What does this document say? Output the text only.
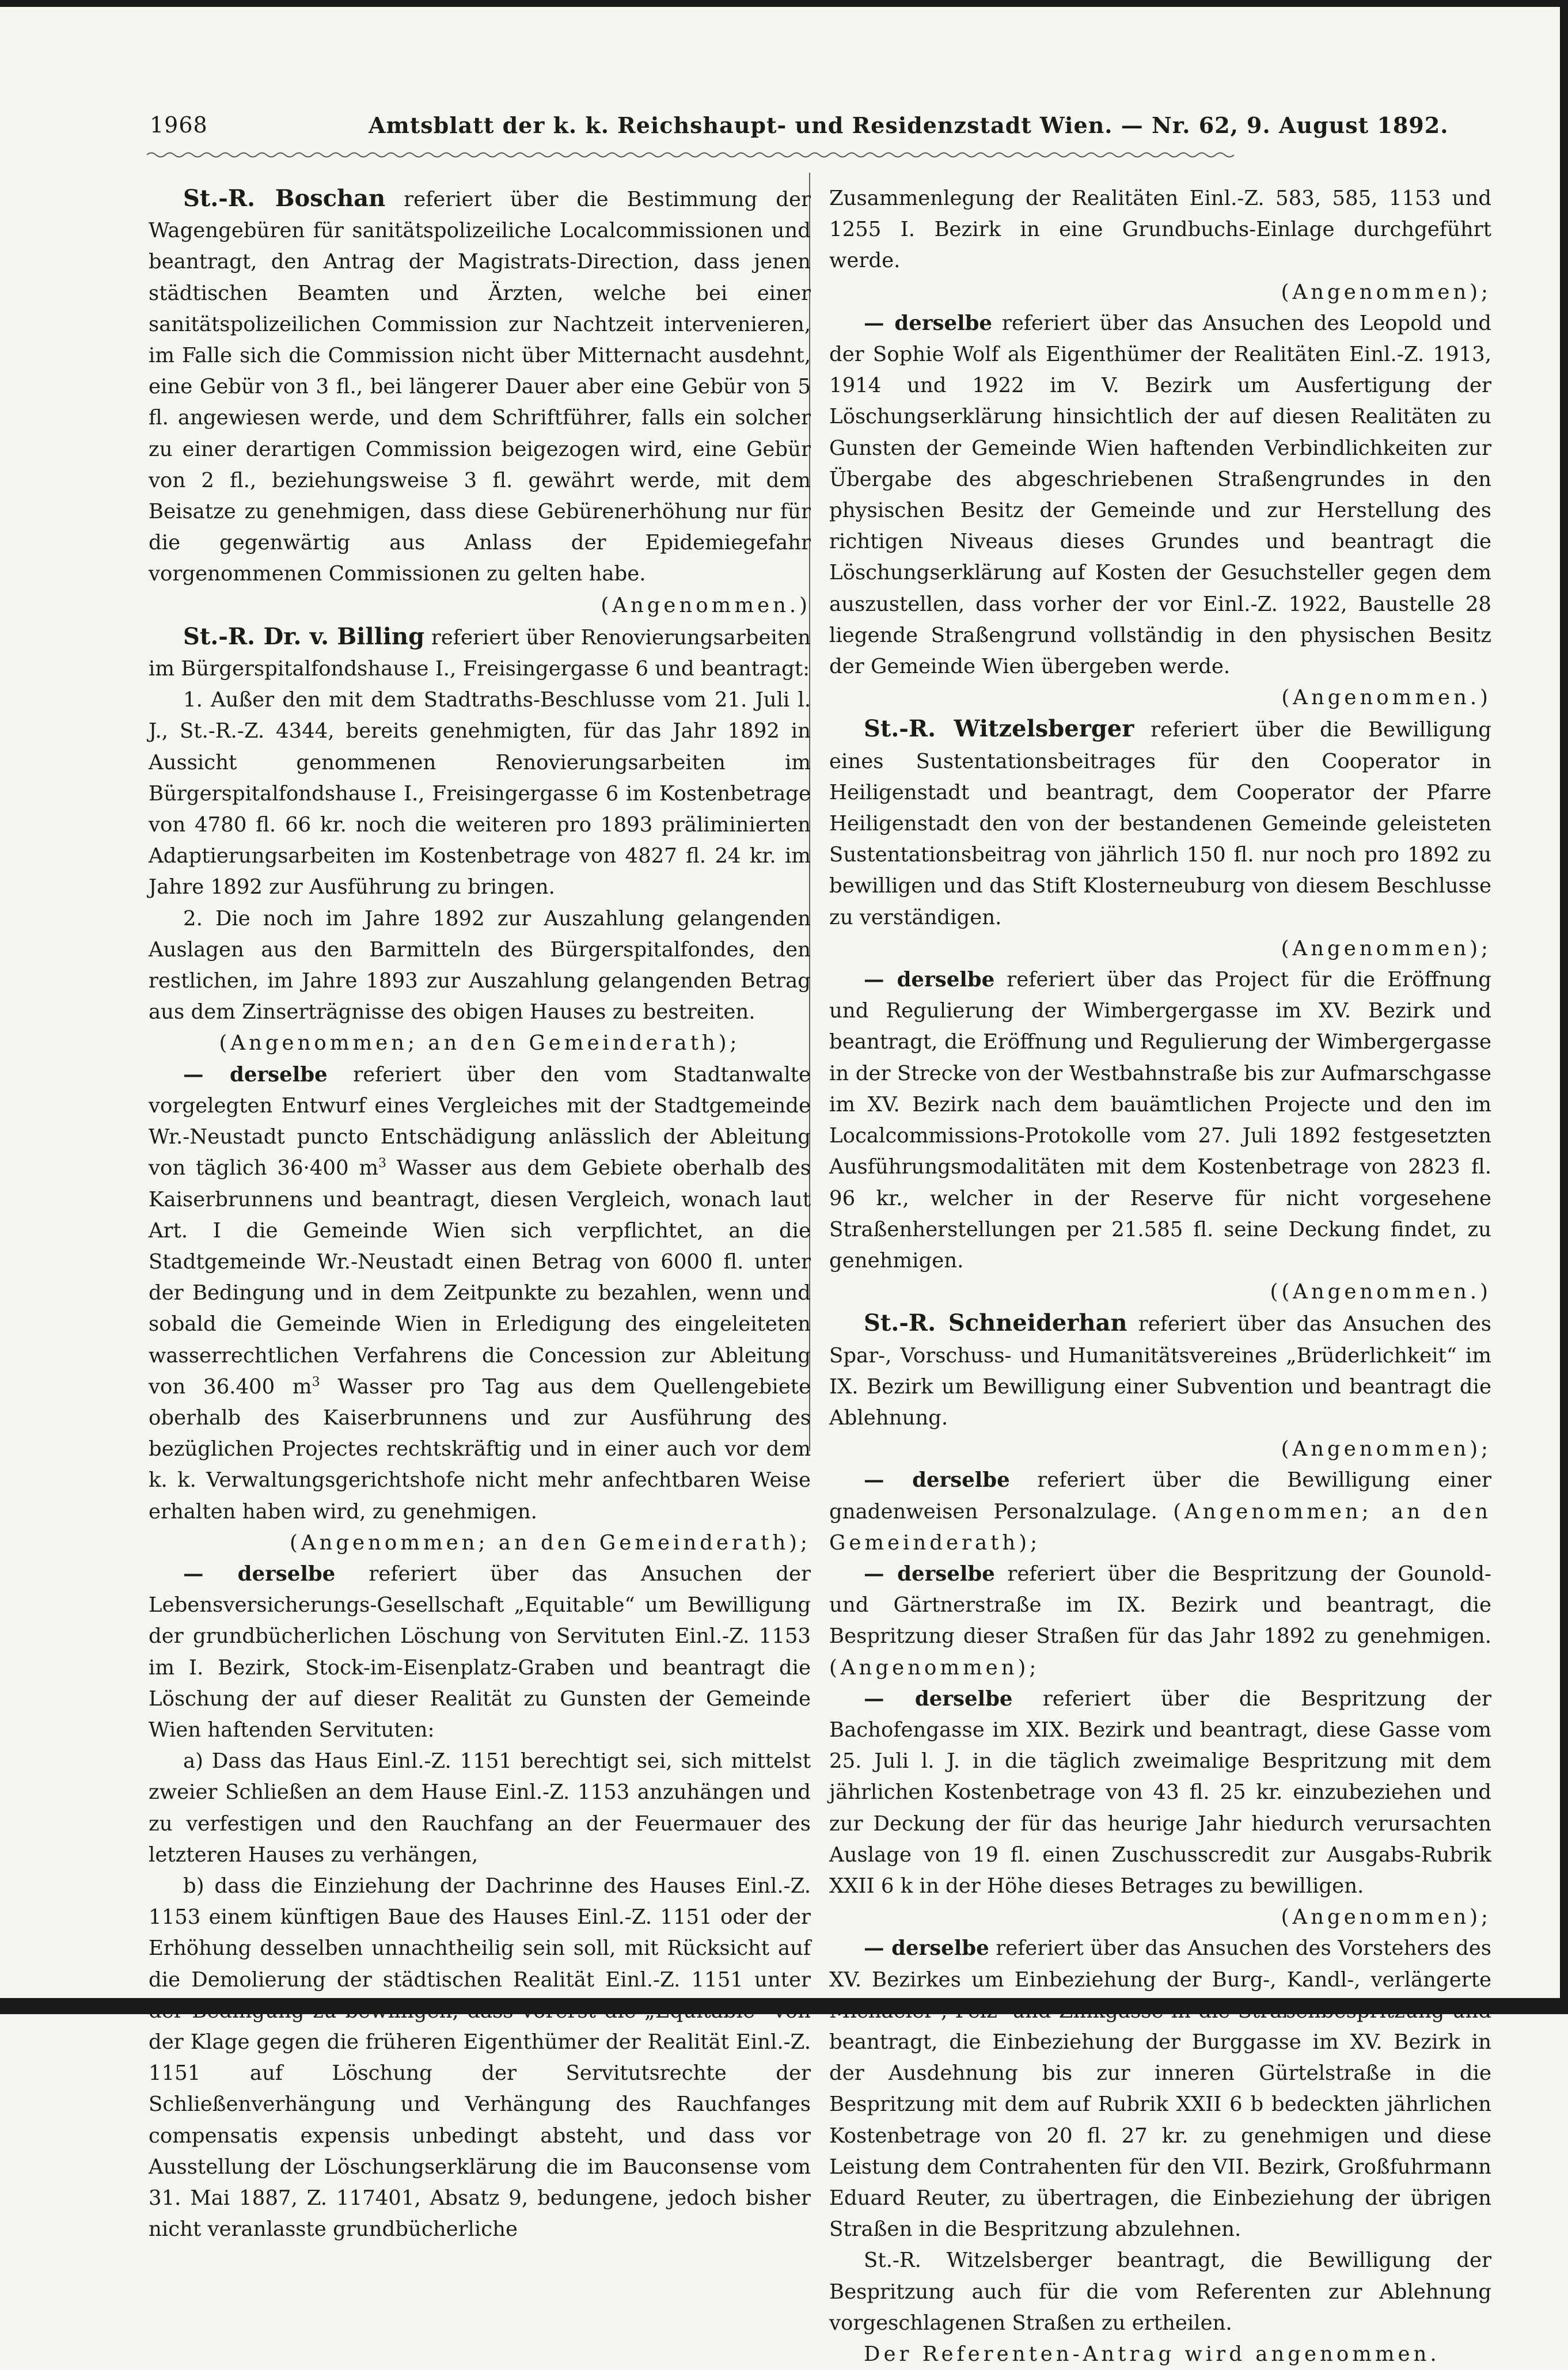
1968	Amtsblatt der k. k. Reichshaupt- und Residenzstadt Wien. — Nr. 62, 9. August 1892.

St.-R. Boschan referiert über die Bestimmung der Wagengebüren für sanitätspolizeiliche Localcommissionen und beantragt, den Antrag der Magistrats-Direction, dass jenen städtischen Beamten und Ärzten, welche bei einer sanitätspolizeilichen Commission zur Nachtzeit intervenieren, im Falle sich die Commission nicht über Mitternacht ausdehnt, eine Gebür von 3 fl., bei längerer Dauer aber eine Gebür von 5 fl. angewiesen werde, und dem Schriftführer, falls ein solcher zu einer derartigen Commission beigezogen wird, eine Gebür von 2 fl., beziehungsweise 3 fl. gewährt werde, mit dem Beisatze zu genehmigen, dass diese Gebürenerhöhung nur für die gegenwärtig aus Anlass der Epidemiegefahr vorgenommenen Commissionen zu gelten habe.

(Angenommen.)

St.-R. Dr. v. Billing referiert über Renovierungsarbeiten im Bürgerspitalfondshause I., Freisingergasse 6 und beantragt:

1. Außer den mit dem Stadtraths-Beschlusse vom 21. Juli l. J., St.-R.-Z. 4344, bereits genehmigten, für das Jahr 1892 in Aussicht genommenen Renovierungsarbeiten im Bürgerspitalfondshause I., Freisingergasse 6 im Kostenbetrage von 4780 fl. 66 kr. noch die weiteren pro 1893 präliminierten Adaptierungsarbeiten im Kostenbetrage von 4827 fl. 24 kr. im Jahre 1892 zur Ausführung zu bringen.

2. Die noch im Jahre 1892 zur Auszahlung gelangenden Auslagen aus den Barmitteln des Bürgerspitalfondes, den restlichen, im Jahre 1893 zur Auszahlung gelangenden Betrag aus dem Zinserträgnisse des obigen Hauses zu bestreiten.

(Angenommen; an den Gemeinderath);

— derselbe referiert über den vom Stadtanwalte vorgelegten Entwurf eines Vergleiches mit der Stadtgemeinde Wr.-Neustadt puncto Entschädigung anlässlich der Ableitung von täglich 36·400 $m^3$ Wasser aus dem Gebiete oberhalb des Kaiserbrunnens und beantragt, diesen Vergleich, wonach laut Art. I die Gemeinde Wien sich verpflichtet, an die Stadtgemeinde Wr.-Neustadt einen Betrag von 6000 fl. unter der Bedingung und in dem Zeitpunkte zu bezahlen, wenn und sobald die Gemeinde Wien in Erledigung des eingeleiteten wasserrechtlichen Verfahrens die Concession zur Ableitung von 36.400 $m^3$ Wasser pro Tag aus dem Quellengebiete oberhalb des Kaiserbrunnens und zur Ausführung des bezüglichen Projectes rechtskräftig und in einer auch vor dem k. k. Verwaltungsgerichtshofe nicht mehr anfechtbaren Weise erhalten haben wird, zu genehmigen.

(Angenommen; an den Gemeinderath);

— derselbe referiert über das Ansuchen der Lebensversicherungs-Gesellschaft „Equitable“ um Bewilligung der grundbücherlichen Löschung von Servituten Einl.-Z. 1153 im I. Bezirk, Stock-im-Eisenplatz-Graben und beantragt die Löschung der auf dieser Realität zu Gunsten der Gemeinde Wien haftenden Servituten:

a) Dass das Haus Einl.-Z. 1151 berechtigt sei, sich mittelst zweier Schließen an dem Hause Einl.-Z. 1153 anzuhängen und zu verfestigen und den Rauchfang an der Feuermauer des letzteren Hauses zu verhängen,

b) dass die Einziehung der Dachrinne des Hauses Einl.-Z. 1153 einem künftigen Baue des Hauses Einl.-Z. 1151 oder der Erhöhung desselben unnachtheilig sein soll, mit Rücksicht auf die Demolierung der städtischen Realität Einl.-Z. 1151 unter der Bedingung zu bewilligen, dass vorerst die „Equitable“ von der Klage gegen die früheren Eigenthümer der Realität Einl.-Z. 1151 auf Löschung der Servitutsrechte der Schließenverhängung und Verhängung des Rauchfanges compensatis expensis unbedingt absteht, und dass vor Ausstellung der Löschungserklärung die im Bauconsense vom 31. Mai 1887, Z. 117401, Absatz 9, bedungene, jedoch bisher nicht veranlasste grundbücherliche

Zusammenlegung der Realitäten Einl.-Z. 583, 585, 1153 und 1255 I. Bezirk in eine Grundbuchs-Einlage durchgeführt werde.

(Angenommen);

— derselbe referiert über das Ansuchen des Leopold und der Sophie Wolf als Eigenthümer der Realitäten Einl.-Z. 1913, 1914 und 1922 im V. Bezirk um Ausfertigung der Löschungserklärung hinsichtlich der auf diesen Realitäten zu Gunsten der Gemeinde Wien haftenden Verbindlichkeiten zur Übergabe des abgeschriebenen Straßengrundes in den physischen Besitz der Gemeinde und zur Herstellung des richtigen Niveaus dieses Grundes und beantragt die Löschungserklärung auf Kosten der Gesuchsteller gegen dem auszustellen, dass vorher der vor Einl.-Z. 1922, Baustelle 28 liegende Straßengrund vollständig in den physischen Besitz der Gemeinde Wien übergeben werde.

(Angenommen.)

St.-R. Witzelsberger referiert über die Bewilligung eines Sustentationsbeitrages für den Cooperator in Heiligenstadt und beantragt, dem Cooperator der Pfarre Heiligenstadt den von der bestandenen Gemeinde geleisteten Sustentationsbeitrag von jährlich 150 fl. nur noch pro 1892 zu bewilligen und das Stift Klosterneuburg von diesem Beschlusse zu verständigen.

(Angenommen);

— derselbe referiert über das Project für die Eröffnung und Regulierung der Wimbergergasse im XV. Bezirk und beantragt, die Eröffnung und Regulierung der Wimbergergasse in der Strecke von der Westbahnstraße bis zur Aufmarschgasse im XV. Bezirk nach dem bauämtlichen Projecte und den im Localcommissions-Protokolle vom 27. Juli 1892 festgesetzten Ausführungsmodalitäten mit dem Kostenbetrage von 2823 fl. 96 kr., welcher in der Reserve für nicht vorgesehene Straßenherstellungen per 21.585 fl. seine Deckung findet, zu genehmigen.

((Angenommen.)

St.-R. Schneiderhan referiert über das Ansuchen des Spar-, Vorschuss- und Humanitätsvereines „Brüderlichkeit“ im IX. Bezirk um Bewilligung einer Subvention und beantragt die Ablehnung.

(Angenommen);

— derselbe referiert über die Bewilligung einer gnadenweisen Personalzulage. (Angenommen; an den Gemeinderath);

— derselbe referiert über die Bespritzung der Gounold- und Gärtnerstraße im IX. Bezirk und beantragt, die Bespritzung dieser Straßen für das Jahr 1892 zu genehmigen. (Angenommen);

— derselbe referiert über die Bespritzung der Bachofengasse im XIX. Bezirk und beantragt, diese Gasse vom 25. Juli l. J. in die täglich zweimalige Bespritzung mit dem jährlichen Kostenbetrage von 43 fl. 25 kr. einzubeziehen und zur Deckung der für das heurige Jahr hiedurch verursachten Auslage von 19 fl. einen Zuschusscredit zur Ausgabs-Rubrik XXII 6 k in der Höhe dieses Betrages zu bewilligen.

(Angenommen);

— derselbe referiert über das Ansuchen des Vorstehers des XV. Bezirkes um Einbeziehung der Burg-, Kandl-, verlängerte Michaeler-, Pelz- und Zinkgasse in die Straßenbespritzung und beantragt, die Einbeziehung der Burggasse im XV. Bezirk in der Ausdehnung bis zur inneren Gürtelstraße in die Bespritzung mit dem auf Rubrik XXII 6 b bedeckten jährlichen Kostenbetrage von 20 fl. 27 kr. zu genehmigen und diese Leistung dem Contrahenten für den VII. Bezirk, Großfuhrmann Eduard Reuter, zu übertragen, die Einbeziehung der übrigen Straßen in die Bespritzung abzulehnen.

St.-R. Witzelsberger beantragt, die Bewilligung der Bespritzung auch für die vom Referenten zur Ablehnung vorgeschlagenen Straßen zu ertheilen.

Der Referenten-Antrag wird angenommen.
